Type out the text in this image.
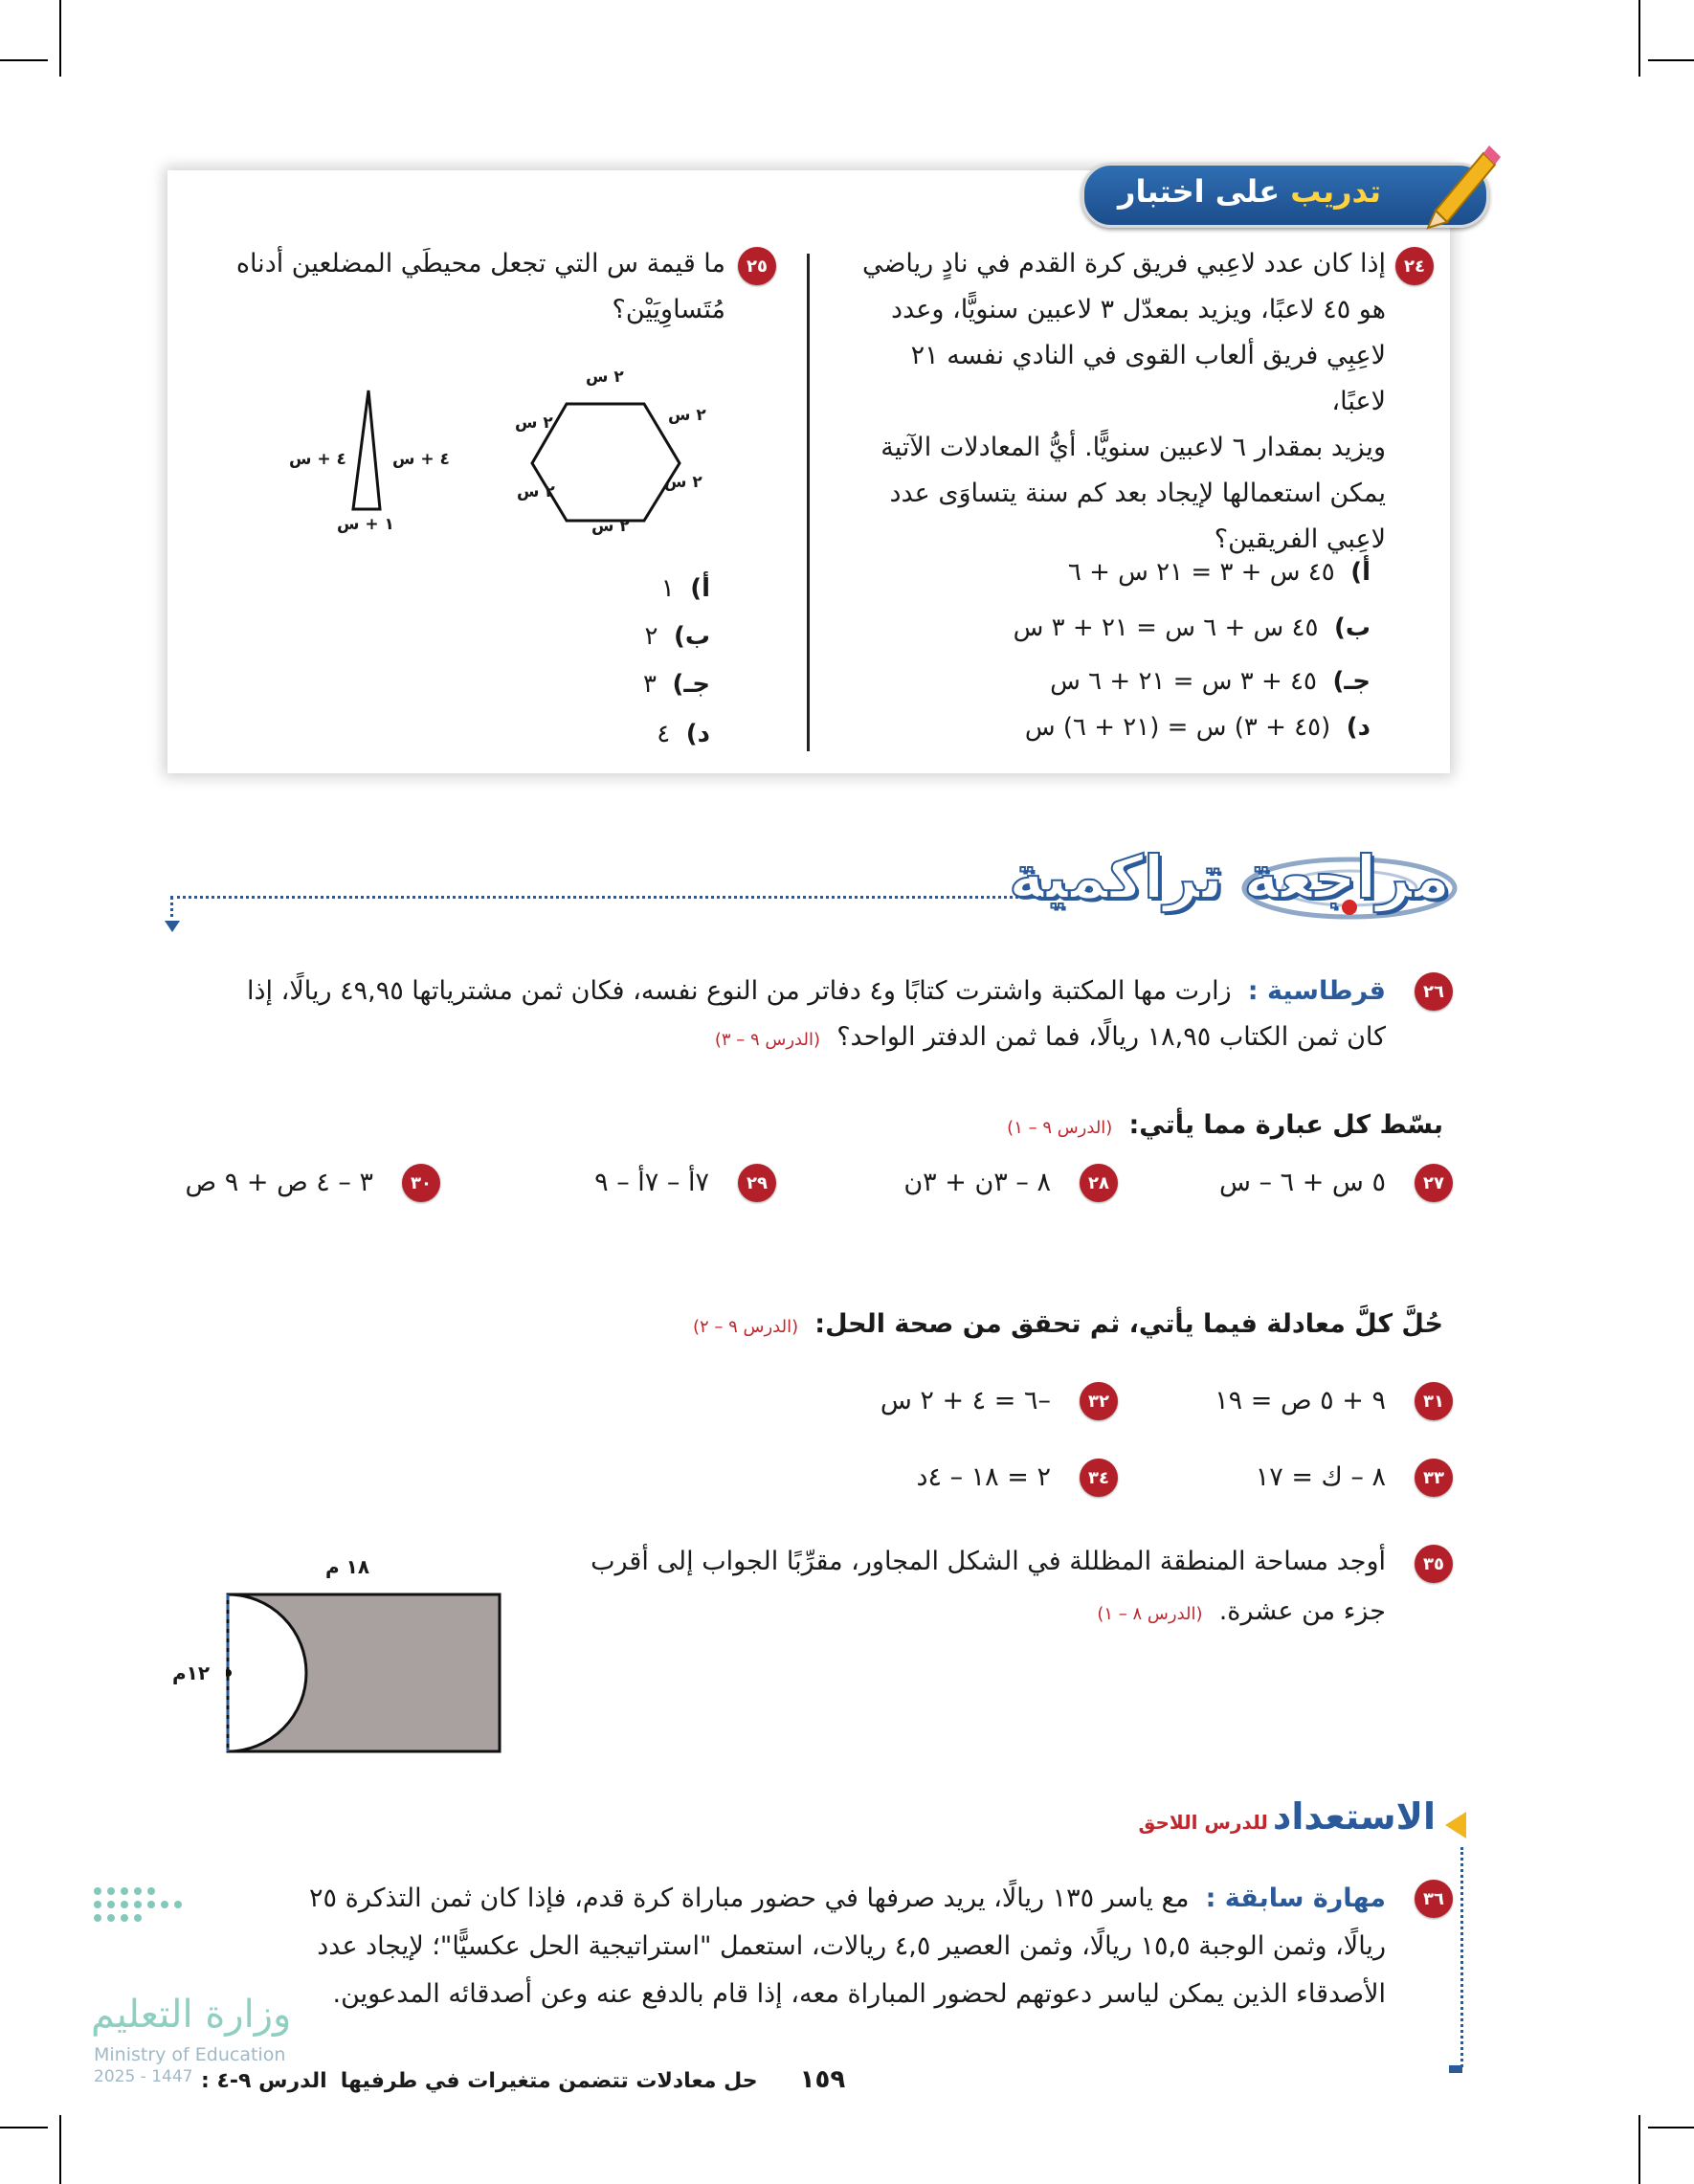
تدريب على اختبار
٢٤
إذا كان عدد لاعِبي فريق كرة القدم في نادٍ رياضي
هو ٤٥ لاعبًا، ويزيد بمعدّل ٣ لاعبين سنويًّا، وعدد
لاعِبِي فريق ألعاب القوى في النادي نفسه ٢١ لاعبًا،
ويزيد بمقدار ٦ لاعبين سنويًّا. أيُّ المعادلات الآتية
يمكن استعمالها لإيجاد بعد كم سنة يتساوَى عدد
لاعِبي الفريقين؟
أ)  ٤٥ س + ٣ = ٢١ س + ٦
ب)  ٤٥ س + ٦ س = ٢١ + ٣ س
جـ)  ٤٥ + ٣ س = ٢١ + ٦ س
د)  (٤٥ + ٣) س = (٢١ + ٦) س
٢٥
ما قيمة س التي تجعل محيطَي المضلعين أدناه
مُتَساوِيَيْن؟
٢ س
٢ س
٢ س
٢ س
٢ س
٢ س
٤ + س
٤ + س
١ + س
أ)  ١
ب)  ٢
جـ)  ٣
د)  ٤
مراجعة تراكمية
٢٦
قرطاسية :  زارت مها المكتبة واشترت كتابًا و٤ دفاتر من النوع نفسه، فكان ثمن مشترياتها ٤٩,٩٥ ريالًا، إذا
كان ثمن الكتاب ١٨,٩٥ ريالًا، فما ثمن الدفتر الواحد؟  (الدرس ٩ – ٣)
بسّط كل عبارة مما يأتي:  (الدرس ٩ – ١)
٢٧
٥ س + ٦ – س
٢٨
٨ – ٣ن + ٣ن
٢٩
٧أ – ٧أ – ٩
٣٠
٣ – ٤ ص + ٩ ص
حُلَّ كلَّ معادلة فيما يأتي، ثم تحقق من صحة الحل:  (الدرس ٩ – ٢)
٣١
٩ + ٥ ص = ١٩
٣٢
–٦ = ٤ + ٢ س
٣٣
٨ – ك = ١٧
٣٤
٢ = ١٨ – ٤د
٣٥
أوجد مساحة المنطقة المظللة في الشكل المجاور، مقرِّبًا الجواب إلى أقرب
جزء من عشرة.  (الدرس ٨ – ١)
١٨ م
١٢م
الاستعداد للدرس اللاحق
٣٦
مهارة سابقة :  مع ياسر ١٣٥ ريالًا، يريد صرفها في حضور مباراة كرة قدم، فإذا كان ثمن التذكرة ٢٥
ريالًا، وثمن الوجبة ١٥,٥ ريالًا، وثمن العصير ٤,٥ ريالات، استعمل "استراتيجية الحل عكسيًّا"؛ لإيجاد عدد
الأصدقاء الذين يمكن لياسر دعوتهم لحضور المباراة معه، إذا قام بالدفع عنه وعن أصدقائه المدعوين.
وزارة التعليم
Ministry of Education
2025 - 1447	١٥٩  حل معادلات تتضمن متغيرات في طرفيها  الدرس ٩-٤ :
